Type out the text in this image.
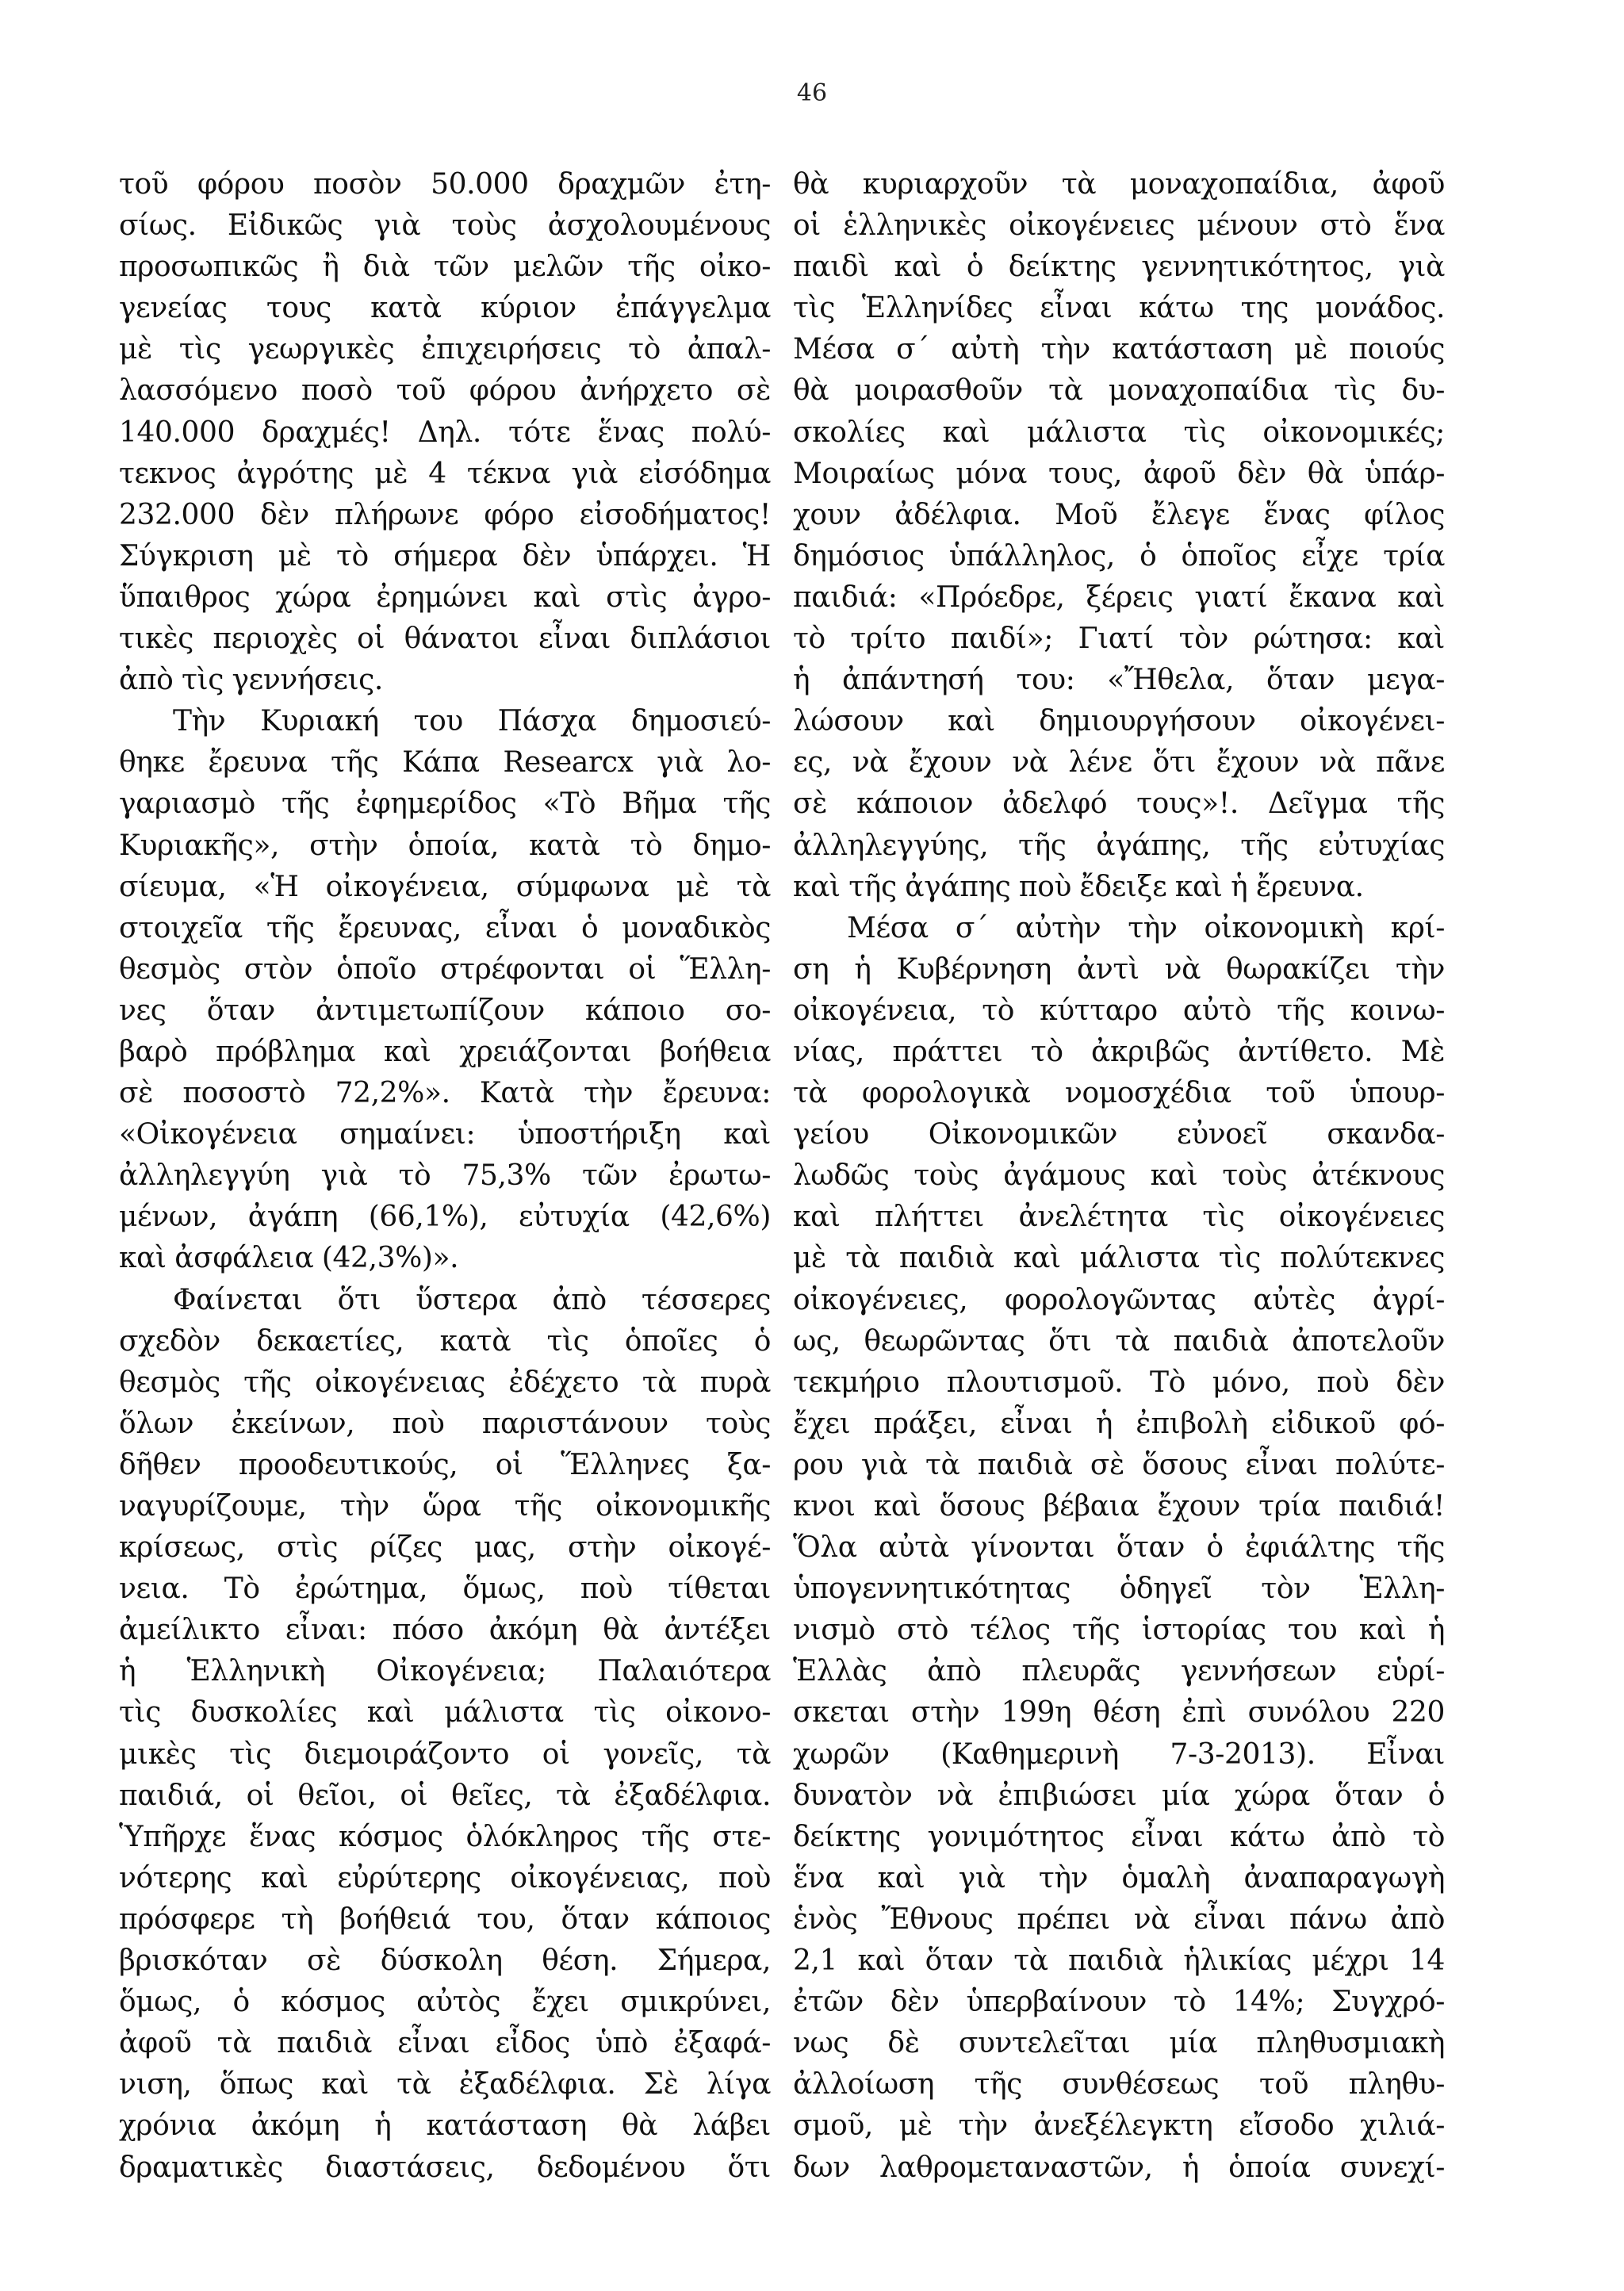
46
τοῦ φόρου ποσὸν 50.000 δραχμῶν ἐτη-
σίως. Εἰδικῶς γιὰ τοὺς ἀσχολουμένους
προσωπικῶς ἢ διὰ τῶν μελῶν τῆς οἰκο-
γενείας τους κατὰ κύριον ἐπάγγελμα
μὲ τὶς γεωργικὲς ἐπιχειρήσεις τὸ ἀπαλ-
λασσόμενο ποσὸ τοῦ φόρου ἀνήρχετο σὲ
140.000 δραχμές! Δηλ. τότε ἕνας πολύ-
τεκνος ἀγρότης μὲ 4 τέκνα γιὰ εἰσόδημα
232.000 δὲν πλήρωνε φόρο εἰσοδήματος!
Σύγκριση μὲ τὸ σήμερα δὲν ὑπάρχει. Ἡ
ὕπαιθρος χώρα ἐρημώνει καὶ στὶς ἀγρο-
τικὲς περιοχὲς οἱ θάνατοι εἶναι διπλάσιοι
ἀπὸ τὶς γεννήσεις.
Τὴν Κυριακή του Πάσχα δημοσιεύ-
θηκε ἔρευνα τῆς Κάπα Researcx γιὰ λο-
γαριασμὸ τῆς ἐφημερίδος «Τὸ Βῆμα τῆς
Κυριακῆς», στὴν ὁποία, κατὰ τὸ δημο-
σίευμα, «Ἡ οἰκογένεια, σύμφωνα μὲ τὰ
στοιχεῖα τῆς ἔρευνας, εἶναι ὁ μοναδικὸς
θεσμὸς στὸν ὁποῖο στρέφονται οἱ Ἕλλη-
νες ὅταν ἀντιμετωπίζουν κάποιο σο-
βαρὸ πρόβλημα καὶ χρειάζονται βοήθεια
σὲ ποσοστὸ 72,2%». Κατὰ τὴν ἔρευνα:
«Οἰκογένεια σημαίνει: ὑποστήριξη καὶ
ἀλληλεγγύη γιὰ τὸ 75,3% τῶν ἐρωτω-
μένων, ἀγάπη (66,1%), εὐτυχία (42,6%)
καὶ ἀσφάλεια (42,3%)».
Φαίνεται ὅτι ὕστερα ἀπὸ τέσσερες
σχεδὸν δεκαετίες, κατὰ τὶς ὁποῖες ὁ
θεσμὸς τῆς οἰκογένειας ἐδέχετο τὰ πυρὰ
ὅλων ἐκείνων, ποὺ παριστάνουν τοὺς
δῆθεν προοδευτικούς, οἱ Ἕλληνες ξα-
ναγυρίζουμε, τὴν ὥρα τῆς οἰκονομικῆς
κρίσεως, στὶς ρίζες μας, στὴν οἰκογέ-
νεια. Τὸ ἐρώτημα, ὅμως, ποὺ τίθεται
ἀμείλικτο εἶναι: πόσο ἀκόμη θὰ ἀντέξει
ἡ Ἑλληνικὴ Οἰκογένεια; Παλαιότερα
τὶς δυσκολίες καὶ μάλιστα τὶς οἰκονο-
μικὲς τὶς διεμοιράζοντο οἱ γονεῖς, τὰ
παιδιά, οἱ θεῖοι, οἱ θεῖες, τὰ ἐξαδέλφια.
Ὑπῆρχε ἕνας κόσμος ὁλόκληρος τῆς στε-
νότερης καὶ εὐρύτερης οἰκογένειας, ποὺ
πρόσφερε τὴ βοήθειά του, ὅταν κάποιος
βρισκόταν σὲ δύσκολη θέση. Σήμερα,
ὅμως, ὁ κόσμος αὐτὸς ἔχει σμικρύνει,
ἀφοῦ τὰ παιδιὰ εἶναι εἶδος ὑπὸ ἐξαφά-
νιση, ὅπως καὶ τὰ ἐξαδέλφια. Σὲ λίγα
χρόνια ἀκόμη ἡ κατάσταση θὰ λάβει
δραματικὲς διαστάσεις, δεδομένου ὅτι
θὰ κυριαρχοῦν τὰ μοναχοπαίδια, ἀφοῦ
οἱ ἑλληνικὲς οἰκογένειες μένουν στὸ ἕνα
παιδὶ καὶ ὁ δείκτης γεννητικότητος, γιὰ
τὶς Ἑλληνίδες εἶναι κάτω της μονάδος.
Μέσα σ΄ αὐτὴ τὴν κατάσταση μὲ ποιούς
θὰ μοιρασθοῦν τὰ μοναχοπαίδια τὶς δυ-
σκολίες καὶ μάλιστα τὶς οἰκονομικές;
Μοιραίως μόνα τους, ἀφοῦ δὲν θὰ ὑπάρ-
χουν ἀδέλφια. Μοῦ ἔλεγε ἕνας φίλος
δημόσιος ὑπάλληλος, ὁ ὁποῖος εἶχε τρία
παιδιά: «Πρόεδρε, ξέρεις γιατί ἔκανα καὶ
τὸ τρίτο παιδί»; Γιατί τὸν ρώτησα: καὶ
ἡ ἀπάντησή του: «Ἤθελα, ὅταν μεγα-
λώσουν καὶ δημιουργήσουν οἰκογένει-
ες, νὰ ἔχουν νὰ λένε ὅτι ἔχουν νὰ πᾶνε
σὲ κάποιον ἀδελφό τους»!. Δεῖγμα τῆς
ἀλληλεγγύης, τῆς ἀγάπης, τῆς εὐτυχίας
καὶ τῆς ἀγάπης ποὺ ἔδειξε καὶ ἡ ἔρευνα.
Μέσα σ΄ αὐτὴν τὴν οἰκονομικὴ κρί-
ση ἡ Κυβέρνηση ἀντὶ νὰ θωρακίζει τὴν
οἰκογένεια, τὸ κύτταρο αὐτὸ τῆς κοινω-
νίας, πράττει τὸ ἀκριβῶς ἀντίθετο. Μὲ
τὰ φορολογικὰ νομοσχέδια τοῦ ὑπουρ-
γείου Οἰκονομικῶν εὐνοεῖ σκανδα-
λωδῶς τοὺς ἀγάμους καὶ τοὺς ἀτέκνους
καὶ πλήττει ἀνελέτητα τὶς οἰκογένειες
μὲ τὰ παιδιὰ καὶ μάλιστα τὶς πολύτεκνες
οἰκογένειες, φορολογῶντας αὐτὲς ἀγρί-
ως, θεωρῶντας ὅτι τὰ παιδιὰ ἀποτελοῦν
τεκμήριο πλουτισμοῦ. Τὸ μόνο, ποὺ δὲν
ἔχει πράξει, εἶναι ἡ ἐπιβολὴ εἰδικοῦ φό-
ρου γιὰ τὰ παιδιὰ σὲ ὅσους εἶναι πολύτε-
κνοι καὶ ὅσους βέβαια ἔχουν τρία παιδιά!
Ὅλα αὐτὰ γίνονται ὅταν ὁ ἐφιάλτης τῆς
ὑπογεννητικότητας ὁδηγεῖ τὸν Ἑλλη-
νισμὸ στὸ τέλος τῆς ἱστορίας του καὶ ἡ
Ἑλλὰς ἀπὸ πλευρᾶς γεννήσεων εὑρί-
σκεται στὴν 199η θέση ἐπὶ συνόλου 220
χωρῶν (Καθημερινὴ 7-3-2013). Εἶναι
δυνατὸν νὰ ἐπιβιώσει μία χώρα ὅταν ὁ
δείκτης γονιμότητος εἶναι κάτω ἀπὸ τὸ
ἕνα καὶ γιὰ τὴν ὁμαλὴ ἀναπαραγωγὴ
ἑνὸς Ἔθνους πρέπει νὰ εἶναι πάνω ἀπὸ
2,1 καὶ ὅταν τὰ παιδιὰ ἡλικίας μέχρι 14
ἐτῶν δὲν ὑπερβαίνουν τὸ 14%; Συγχρό-
νως δὲ συντελεῖται μία πληθυσμιακὴ
ἀλλοίωση τῆς συνθέσεως τοῦ πληθυ-
σμοῦ, μὲ τὴν ἀνεξέλεγκτη εἴσοδο χιλιά-
δων λαθρομεταναστῶν, ἡ ὁποία συνεχί-
